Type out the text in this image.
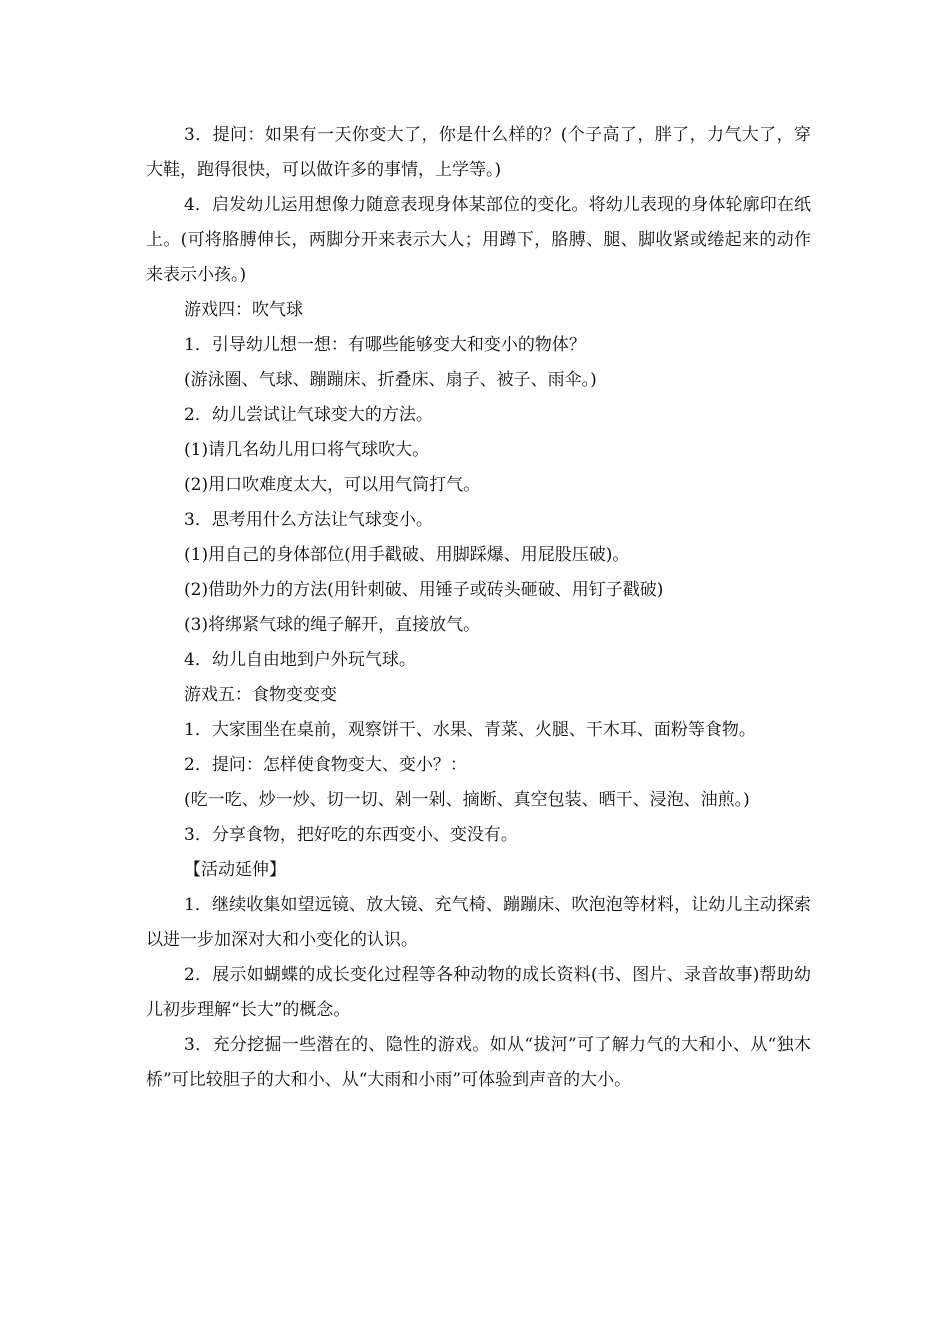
3．提问：如果有一天你变大了，你是什么样的？(个子高了，胖了，力气大了，穿大鞋，跑得很快，可以做许多的事情，上学等。)

4．启发幼儿运用想像力随意表现身体某部位的变化。将幼儿表现的身体轮廓印在纸上。(可将胳膊伸长，两脚分开来表示大人；用蹲下，胳膊、腿、脚收紧或绻起来的动作来表示小孩。)

游戏四：吹气球

1．引导幼儿想一想：有哪些能够变大和变小的物体？

(游泳圈、气球、蹦蹦床、折叠床、扇子、被子、雨伞。)

2．幼儿尝试让气球变大的方法。

(1)请几名幼儿用口将气球吹大。

(2)用口吹难度太大，可以用气筒打气。

3．思考用什么方法让气球变小。

(1)用自己的身体部位(用手戳破、用脚踩爆、用屁股压破)。

(2)借助外力的方法(用针刺破、用锤子或砖头砸破、用钉子戳破)

(3)将绑紧气球的绳子解开，直接放气。

4．幼儿自由地到户外玩气球。

游戏五：食物变变变

1．大家围坐在桌前，观察饼干、水果、青菜、火腿、干木耳、面粉等食物。

2．提问：怎样使食物变大、变小？：

(吃一吃、炒一炒、切一切、剁一剁、摘断、真空包装、晒干、浸泡、油煎。)

3．分享食物，把好吃的东西变小、变没有。

【活动延伸】

1．继续收集如望远镜、放大镜、充气椅、蹦蹦床、吹泡泡等材料，让幼儿主动探索以进一步加深对大和小变化的认识。

2．展示如蝴蝶的成长变化过程等各种动物的成长资料(书、图片、录音故事)帮助幼儿初步理解“长大”的概念。

3．充分挖掘一些潜在的、隐性的游戏。如从“拔河”可了解力气的大和小、从“独木桥”可比较胆子的大和小、从“大雨和小雨”可体验到声音的大小。
